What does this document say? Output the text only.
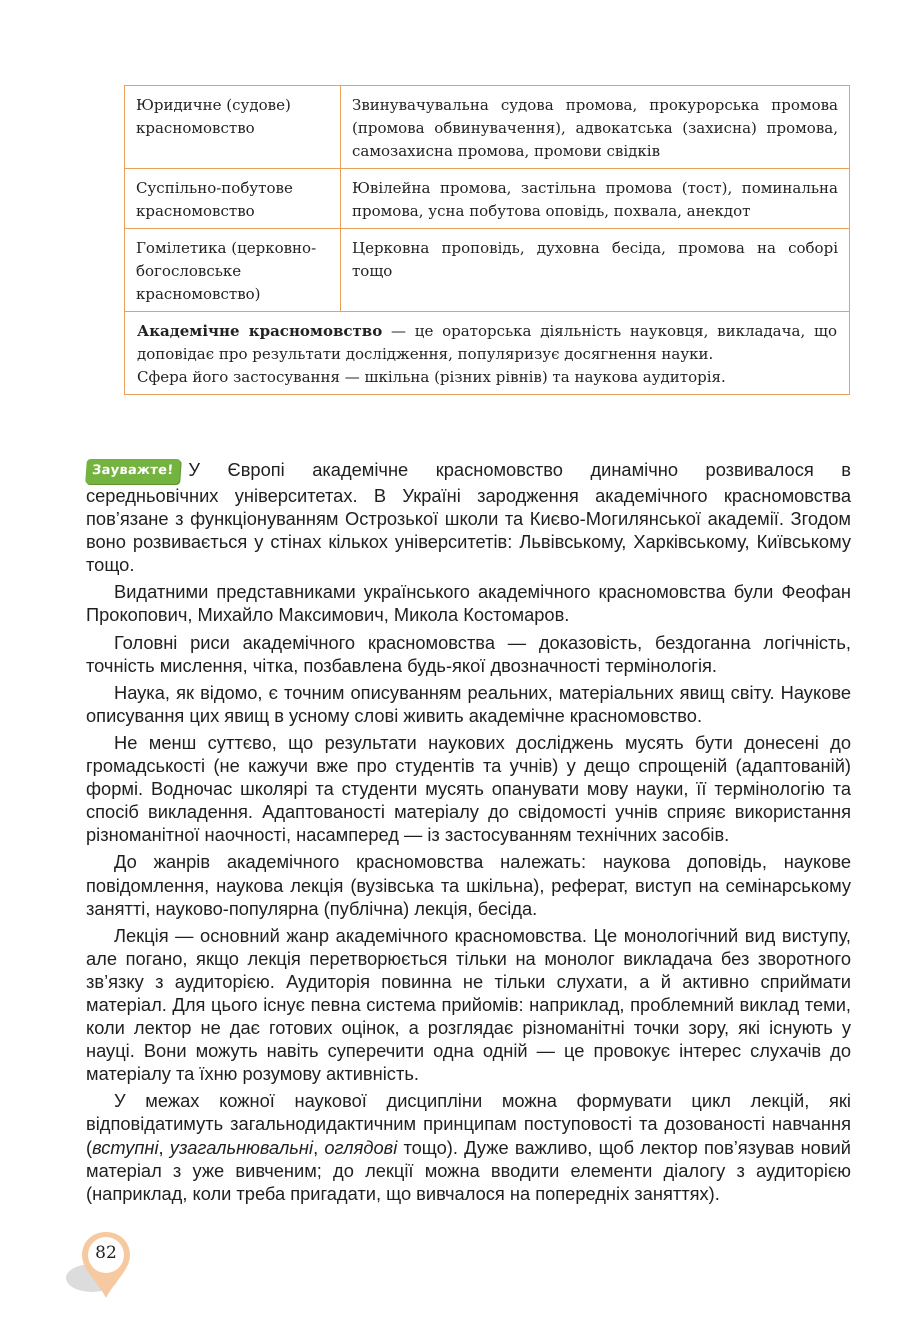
Юридичне (судове) красномовство	Звинувачувальна судова промова, прокурорська промова (промова обвинувачення), адвокатська (захисна) промова, самозахисна промова, промови свідків
Суспільно-побутове красномовство	Ювілейна промова, застільна промова (тост), поминальна промова, усна побутова оповідь, похвала, анекдот
Гомілетика (церковно-богословське красномовство)	Церковна проповідь, духовна бесіда, промова на соборі тощо

Академічне красномовство — це ораторська діяльність науковця, викладача, що доповідає про результати дослідження, популяризує досягнення науки.
Сфера його застосування — шкільна (різних рівнів) та наукова аудиторія.	

Зауважте! У Європі академічне красномовство динамічно розвивалося в середньовічних університетах. В Україні зародження академічного красномовства пов’язане з функціонуванням Острозької школи та Києво-Могилянської академії. Згодом воно розвивається у стінах кількох університетів: Львівському, Харківському, Київському тощо.

Видатними представниками українського академічного красномовства були Феофан Прокопович, Михайло Максимович, Микола Костомаров.

Головні риси академічного красномовства — доказовість, бездоганна логічність, точність мислення, чітка, позбавлена будь-якої двозначності термінологія.

Наука, як відомо, є точним описуванням реальних, матеріальних явищ світу. Наукове описування цих явищ в усному слові живить академічне красномовство.

Не менш суттєво, що результати наукових досліджень мусять бути донесені до громадськості (не кажучи вже про студентів та учнів) у дещо спрощеній (адаптованій) формі. Водночас школярі та студенти мусять опанувати мову науки, її термінологію та спосіб викладення. Адаптованості матеріалу до свідомості учнів сприяє використання різноманітної наочності, насамперед — із застосуванням технічних засобів.

До жанрів академічного красномовства належать: наукова доповідь, наукове повідомлення, наукова лекція (вузівська та шкільна), реферат, виступ на семінарському занятті, науково-популярна (публічна) лекція, бесіда.

Лекція — основний жанр академічного красномовства. Це монологічний вид виступу, але погано, якщо лекція перетворюється тільки на монолог викладача без зворотного зв’язку з аудиторією. Аудиторія повинна не тільки слухати, а й активно сприймати матеріал. Для цього існує певна система прийомів: наприклад, проблемний виклад теми, коли лектор не дає готових оцінок, а розглядає різноманітні точки зору, які існують у науці. Вони можуть навіть суперечити одна одній — це провокує інтерес слухачів до матеріалу та їхню розумову активність.

У межах кожної наукової дисципліни можна формувати цикл лекцій, які відповідатимуть загальнодидактичним принципам поступовості та дозованості навчання (вступні, узагальнювальні, оглядові тощо). Дуже важливо, щоб лектор пов’язував новий матеріал з уже вивченим; до лекції можна вводити елементи діалогу з аудиторією (наприклад, коли треба пригадати, що вивчалося на попередніх заняттях).

82
